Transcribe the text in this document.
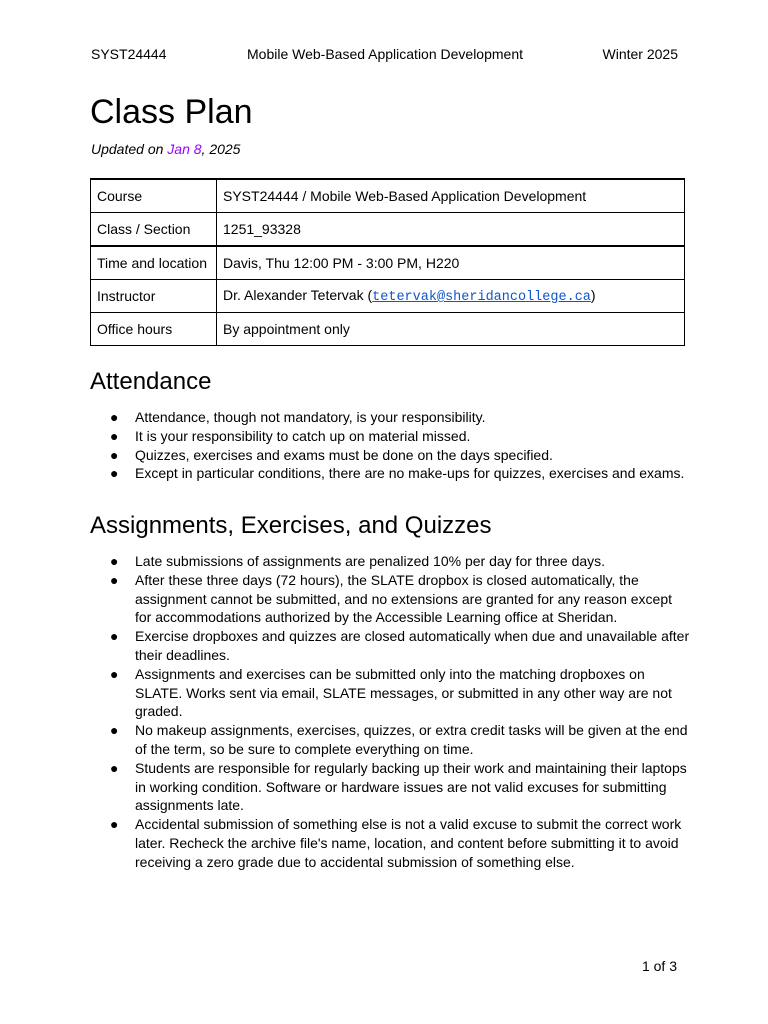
SYST24444	Mobile Web-Based Application Development	Winter 2025
Class Plan
Updated on Jan 8, 2025
Course	SYST24444 / Mobile Web-Based Application Development
Class / Section	1251_93328
Time and location	Davis, Thu 12:00 PM - 3:00 PM, H220
Instructor	Dr. Alexander Tetervak (tetervak@sheridancollege.ca)
Office hours	By appointment only
Attendance
● Attendance, though not mandatory, is your responsibility.
● It is your responsibility to catch up on material missed.
● Quizzes, exercises and exams must be done on the days specified.
● Except in particular conditions, there are no make-ups for quizzes, exercises and exams.
Assignments, Exercises, and Quizzes
● Late submissions of assignments are penalized 10% per day for three days.
● After these three days (72 hours), the SLATE dropbox is closed automatically, the assignment cannot be submitted, and no extensions are granted for any reason except for accommodations authorized by the Accessible Learning office at Sheridan.
● Exercise dropboxes and quizzes are closed automatically when due and unavailable after their deadlines.
● Assignments and exercises can be submitted only into the matching dropboxes on SLATE. Works sent via email, SLATE messages, or submitted in any other way are not graded.
● No makeup assignments, exercises, quizzes, or extra credit tasks will be given at the end of the term, so be sure to complete everything on time.
● Students are responsible for regularly backing up their work and maintaining their laptops in working condition. Software or hardware issues are not valid excuses for submitting assignments late.
● Accidental submission of something else is not a valid excuse to submit the correct work later. Recheck the archive file's name, location, and content before submitting it to avoid receiving a zero grade due to accidental submission of something else.
1 of 3
